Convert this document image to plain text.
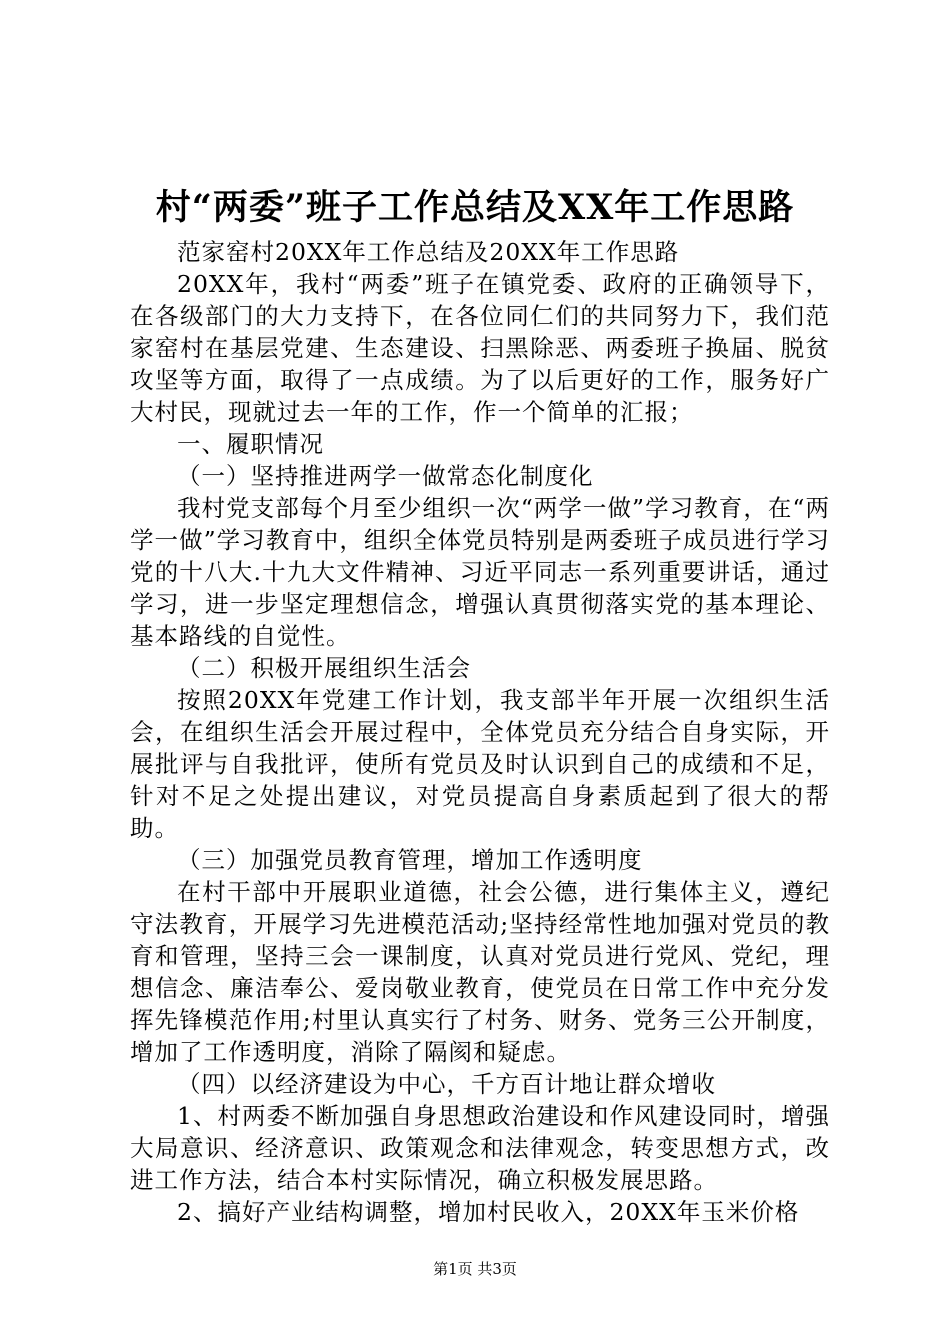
村“两委”班子工作总结及XX年工作思路

范家窑村20XX年工作总结及20XX年工作思路

20XX年，我村“两委”班子在镇党委、政府的正确领导下，在各级部门的大力支持下，在各位同仁们的共同努力下，我们范家窑村在基层党建、生态建设、扫黑除恶、两委班子换届、脱贫攻坚等方面，取得了一点成绩。为了以后更好的工作，服务好广大村民，现就过去一年的工作，作一个简单的汇报；

一、履职情况

（一）坚持推进两学一做常态化制度化

我村党支部每个月至少组织一次“两学一做”学习教育，在“两学一做”学习教育中，组织全体党员特别是两委班子成员进行学习党的十八大.十九大文件精神、习近平同志一系列重要讲话，通过学习，进一步坚定理想信念，增强认真贯彻落实党的基本理论、基本路线的自觉性。

（二）积极开展组织生活会

按照20XX年党建工作计划，我支部半年开展一次组织生活会，在组织生活会开展过程中，全体党员充分结合自身实际，开展批评与自我批评，使所有党员及时认识到自己的成绩和不足，针对不足之处提出建议，对党员提高自身素质起到了很大的帮助。

（三）加强党员教育管理，增加工作透明度

在村干部中开展职业道德，社会公德，进行集体主义，遵纪守法教育，开展学习先进模范活动;坚持经常性地加强对党员的教育和管理，坚持三会一课制度，认真对党员进行党风、党纪，理想信念、廉洁奉公、爱岗敬业教育，使党员在日常工作中充分发挥先锋模范作用;村里认真实行了村务、财务、党务三公开制度，增加了工作透明度，消除了隔阂和疑虑。

（四）以经济建设为中心，千方百计地让群众增收

1、村两委不断加强自身思想政治建设和作风建设同时，增强大局意识、经济意识、政策观念和法律观念，转变思想方式，改进工作方法，结合本村实际情况，确立积极发展思路。

2、搞好产业结构调整，增加村民收入，20XX年玉米价格

第1页 共3页
